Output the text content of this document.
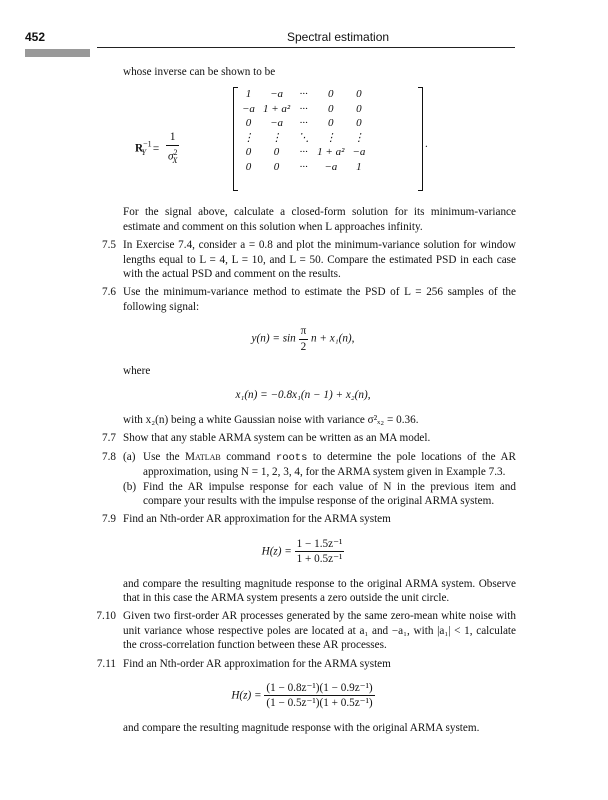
452	Spectral estimation

whose inverse can be shown to be

$R^{-1}_Y = \frac{1}{\sigma^2_X}$
1	−a	···	0	0
−a	1 + a²	···	0	0
0	−a	···	0	0
⋮	⋮	⋱	⋮	⋮
0	0	···	1 + a²	−a
0	0	···	−a	1
.

For the signal above, calculate a closed-form solution for its minimum-variance estimate and comment on this solution when L approaches infinity.

7.5 In Exercise 7.4, consider a = 0.8 and plot the minimum-variance solution for window lengths equal to L = 4, L = 10, and L = 50. Compare the estimated PSD in each case with the actual PSD and comment on the results.

7.6 Use the minimum-variance method to estimate the PSD of L = 256 samples of the following signal:

$y(n) = \sin \frac{\pi}{2}$ n + x₁(n),

where

x₁(n) = −0.8x₁(n − 1) + x₂(n),

with x₂(n) being a white Gaussian noise with variance σ²ₓ₂ = 0.36.

7.7 Show that any stable ARMA system can be written as an MA model.

7.8 (a) Use the Matlab command roots to determine the pole locations of the AR approximation, using N = 1, 2, 3, 4, for the ARMA system given in Example 7.3.

(b) Find the AR impulse response for each value of N in the previous item and compare your results with the impulse response of the original ARMA system.

7.9 Find an Nth-order AR approximation for the ARMA system

$H(z) = \frac{\text{1 − 1.5z⁻¹}}{\text{1 + 0.5z⁻¹}}$

and compare the resulting magnitude response to the original ARMA system. Observe that in this case the ARMA system presents a zero outside the unit circle.

7.10 Given two first-order AR processes generated by the same zero-mean white noise with unit variance whose respective poles are located at a₁ and −a₁, with |a₁| < 1, calculate the cross-correlation function between these AR processes.

7.11 Find an Nth-order AR approximation for the ARMA system

$H(z) = \frac{\text{(1 − 0.8z⁻¹)(1 − 0.9z⁻¹)}}{\text{(1 − 0.5z⁻¹)(1 + 0.5z⁻¹)}}$

and compare the resulting magnitude response with the original ARMA system.
